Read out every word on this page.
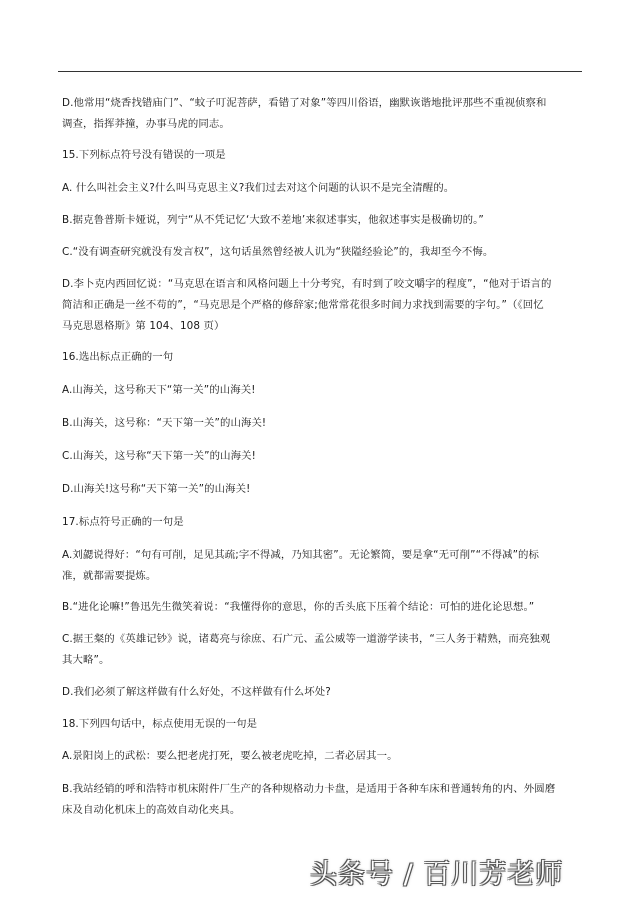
D.他常用“烧香找错庙门”、“蚊子叮泥菩萨，看错了对象”等四川俗语，幽默诙谐地批评那些不重视侦察和
调查，指挥莽撞，办事马虎的同志。
15.下列标点符号没有错误的一项是
A. 什么叫社会主义?什么叫马克思主义?我们过去对这个问题的认识不是完全清醒的。
B.据克鲁普斯卡娅说，列宁“从不凭记忆‘大致不差地’来叙述事实，他叙述事实是极确切的。”
C.“没有调查研究就没有发言权”，这句话虽然曾经被人讥为“狭隘经验论”的，我却至今不悔。
D.李卜克内西回忆说：“马克思在语言和风格问题上十分考究，有时到了咬文嚼字的程度”，“他对于语言的
简洁和正确是一丝不苟的”，“马克思是个严格的修辞家;他常常花很多时间力求找到需要的字句。”（《回忆
马克思恩格斯》第 104、108 页）
16.选出标点正确的一句
A.山海关，这号称天下“第一关”的山海关!
B.山海关，这号称：“天下第一关”的山海关!
C.山海关，这号称“天下第一关”的山海关!
D.山海关!这号称“天下第一关”的山海关!
17.标点符号正确的一句是
A.刘勰说得好：“句有可削，足见其疏;字不得减，乃知其密”。无论繁简，要是拿“无可削”“不得减”的标
准，就都需要提炼。
B.“进化论嘛!”鲁迅先生微笑着说：“我懂得你的意思，你的舌头底下压着个结论：可怕的进化论思想。”
C.据王粲的《英雄记钞》说，诸葛亮与徐庶、石广元、孟公威等一道游学读书，“三人务于精熟，而亮独观
其大略”。
D.我们必须了解这样做有什么好处，不这样做有什么坏处?
18.下列四句话中，标点使用无误的一句是
A.景阳岗上的武松：要么把老虎打死，要么被老虎吃掉，二者必居其一。
B.我站经销的呼和浩特市机床附件厂生产的各种规格动力卡盘，是适用于各种车床和普通转角的内、外圆磨
床及自动化机床上的高效自动化夹具。
头条号 / 百川芳老师
